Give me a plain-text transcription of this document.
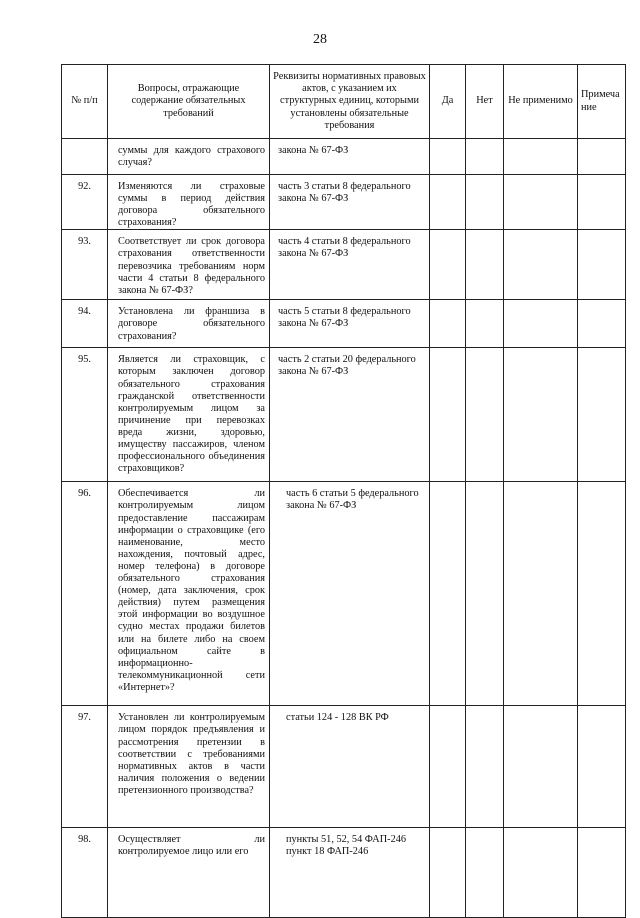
28
№ п/п	Вопросы, отражающие содержание обязательных требований	Реквизиты нормативных правовых актов, с указанием их структурных единиц, которыми установлены обязательные требования	Да	Нет	Не применимо	Примечание

	суммы для каждого страхового случая?	закона № 67-ФЗ				
92.	Изменяются ли страховые суммы в период действия договора обязательного страхования?	часть 3 статьи 8 федерального закона № 67-ФЗ				
93.	Соответствует ли срок договора страхования ответственности перевозчика требованиям норм части 4 статьи 8 федерального закона № 67-ФЗ?	часть 4 статьи 8 федерального закона № 67-ФЗ				
94.	Установлена ли франшиза в договоре обязательного страхования?	часть 5 статьи 8 федерального закона № 67-ФЗ				
95.	Является ли страховщик, с которым заключен договор обязательного страхования гражданской ответственности контролируемым лицом за причинение при перевозках вреда жизни, здоровью, имуществу пассажиров, членом профессионального объединения страховщиков?	часть 2 статьи 20 федерального закона № 67-ФЗ				
96.	Обеспечивается ли контролируемым лицом предоставление пассажирам информации о страховщике (его наименование, место нахождения, почтовый адрес, номер телефона) в договоре обязательного страхования (номер, дата заключения, срок действия) путем размещения этой информации во воздушное судно местах продажи билетов или на билете либо на своем официальном сайте в информационно-телекоммуникационной сети «Интернет»?	часть 6 статьи 5 федерального закона № 67-ФЗ				
97.	Установлен ли контролируемым лицом порядок предъявления и рассмотрения претензии в соответствии с требованиями нормативных актов в части наличия положения о ведении претензионного производства?	статьи 124 - 128 ВК РФ				
98.	Осуществляет ли контролируемое лицо или его	пункты 51, 52, 54 ФАП-246 пункт 18 ФАП-246				
